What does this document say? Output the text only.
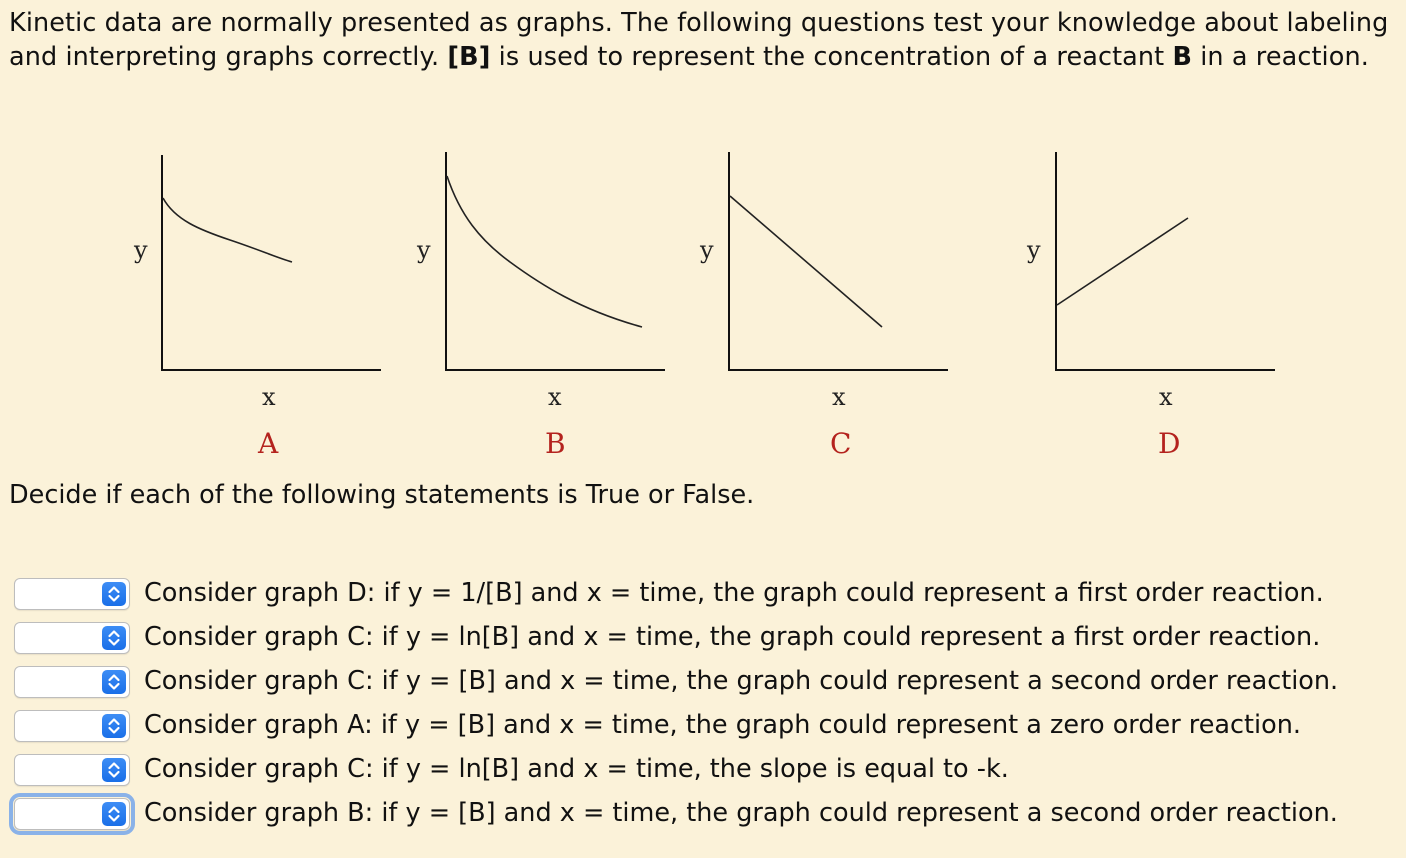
Kinetic data are normally presented as graphs. The following questions test your knowledge about labeling and interpreting graphs correctly. [B] is used to represent the concentration of a reactant B in a reaction.
y
x
A
y
x
B
y
x
C
y
x
D
Decide if each of the following statements is True or False.
Consider graph D: if y = 1/[B] and x = time, the graph could represent a first order reaction.
Consider graph C: if y = ln[B] and x = time, the graph could represent a first order reaction.
Consider graph C: if y = [B] and x = time, the graph could represent a second order reaction.
Consider graph A: if y = [B] and x = time, the graph could represent a zero order reaction.
Consider graph C: if y = ln[B] and x = time, the slope is equal to -k.
Consider graph B: if y = [B] and x = time, the graph could represent a second order reaction.
